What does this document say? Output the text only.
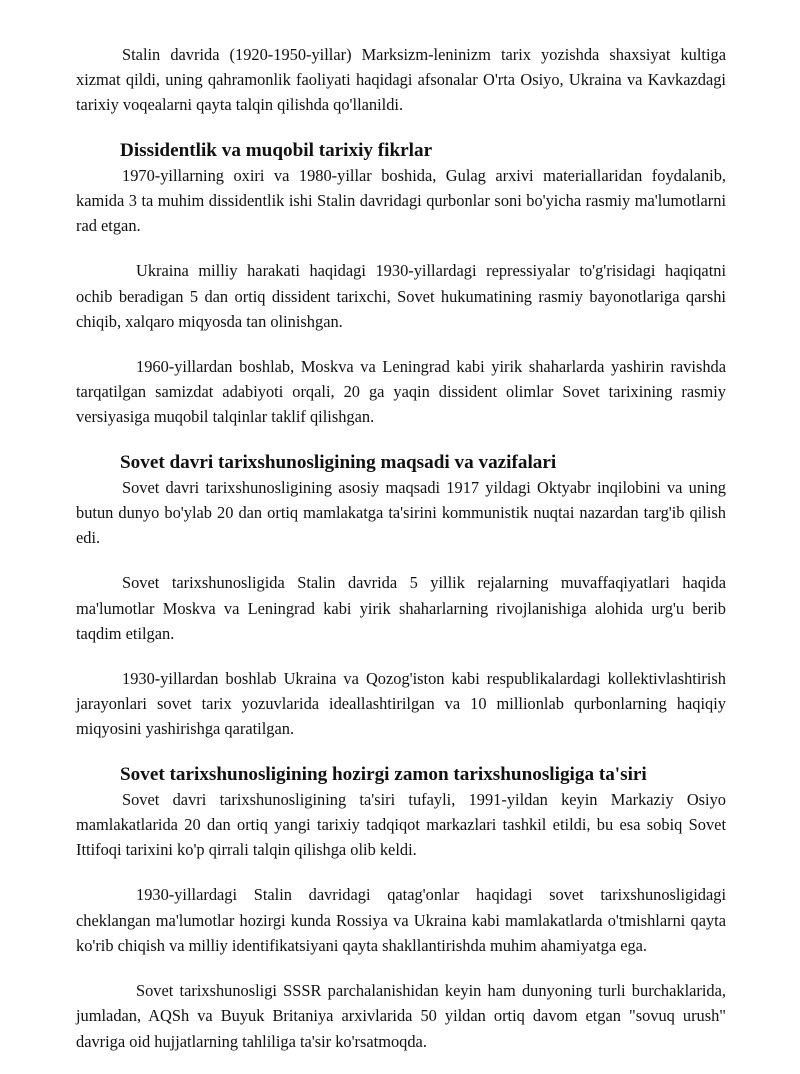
Stalin davrida (1920-1950-yillar) Marksizm-leninizm tarix yozishda shaxsiyat kultiga xizmat qildi, uning qahramonlik faoliyati haqidagi afsonalar O'rta Osiyo, Ukraina va Kavkazdagi tarixiy voqealarni qayta talqin qilishda qo'llanildi.

Dissidentlik va muqobil tarixiy fikrlar

1970-yillarning oxiri va 1980-yillar boshida, Gulag arxivi materiallaridan foydalanib, kamida 3 ta muhim dissidentlik ishi Stalin davridagi qurbonlar soni bo'yicha rasmiy ma'lumotlarni rad etgan.

Ukraina milliy harakati haqidagi 1930-yillardagi repressiyalar to'g'risidagi haqiqatni ochib beradigan 5 dan ortiq dissident tarixchi, Sovet hukumatining rasmiy bayonotlariga qarshi chiqib, xalqaro miqyosda tan olinishgan.

1960-yillardan boshlab, Moskva va Leningrad kabi yirik shaharlarda yashirin ravishda tarqatilgan samizdat adabiyoti orqali, 20 ga yaqin dissident olimlar Sovet tarixining rasmiy versiyasiga muqobil talqinlar taklif qilishgan.

Sovet davri tarixshunosligining maqsadi va vazifalari

Sovet davri tarixshunosligining asosiy maqsadi 1917 yildagi Oktyabr inqilobini va uning butun dunyo bo'ylab 20 dan ortiq mamlakatga ta'sirini kommunistik nuqtai nazardan targ'ib qilish edi.

Sovet tarixshunosligida Stalin davrida 5 yillik rejalarning muvaffaqiyatlari haqida ma'lumotlar Moskva va Leningrad kabi yirik shaharlarning rivojlanishiga alohida urg'u berib taqdim etilgan.

1930-yillardan boshlab Ukraina va Qozog'iston kabi respublikalardagi kollektivlashtirish jarayonlari sovet tarix yozuvlarida ideallashtirilgan va 10 millionlab qurbonlarning haqiqiy miqyosini yashirishga qaratilgan.

Sovet tarixshunosligining hozirgi zamon tarixshunosligiga ta'siri

Sovet davri tarixshunosligining ta'siri tufayli, 1991-yildan keyin Markaziy Osiyo mamlakatlarida 20 dan ortiq yangi tarixiy tadqiqot markazlari tashkil etildi, bu esa sobiq Sovet Ittifoqi tarixini ko'p qirrali talqin qilishga olib keldi.

1930-yillardagi Stalin davridagi qatag'onlar haqidagi sovet tarixshunosligidagi cheklangan ma'lumotlar hozirgi kunda Rossiya va Ukraina kabi mamlakatlarda o'tmishlarni qayta ko'rib chiqish va milliy identifikatsiyani qayta shakllantirishda muhim ahamiyatga ega.

Sovet tarixshunosligi SSSR parchalanishidan keyin ham dunyoning turli burchaklarida, jumladan, AQSh va Buyuk Britaniya arxivlarida 50 yildan ortiq davom etgan "sovuq urush" davriga oid hujjatlarning tahliliga ta'sir ko'rsatmoqda.
